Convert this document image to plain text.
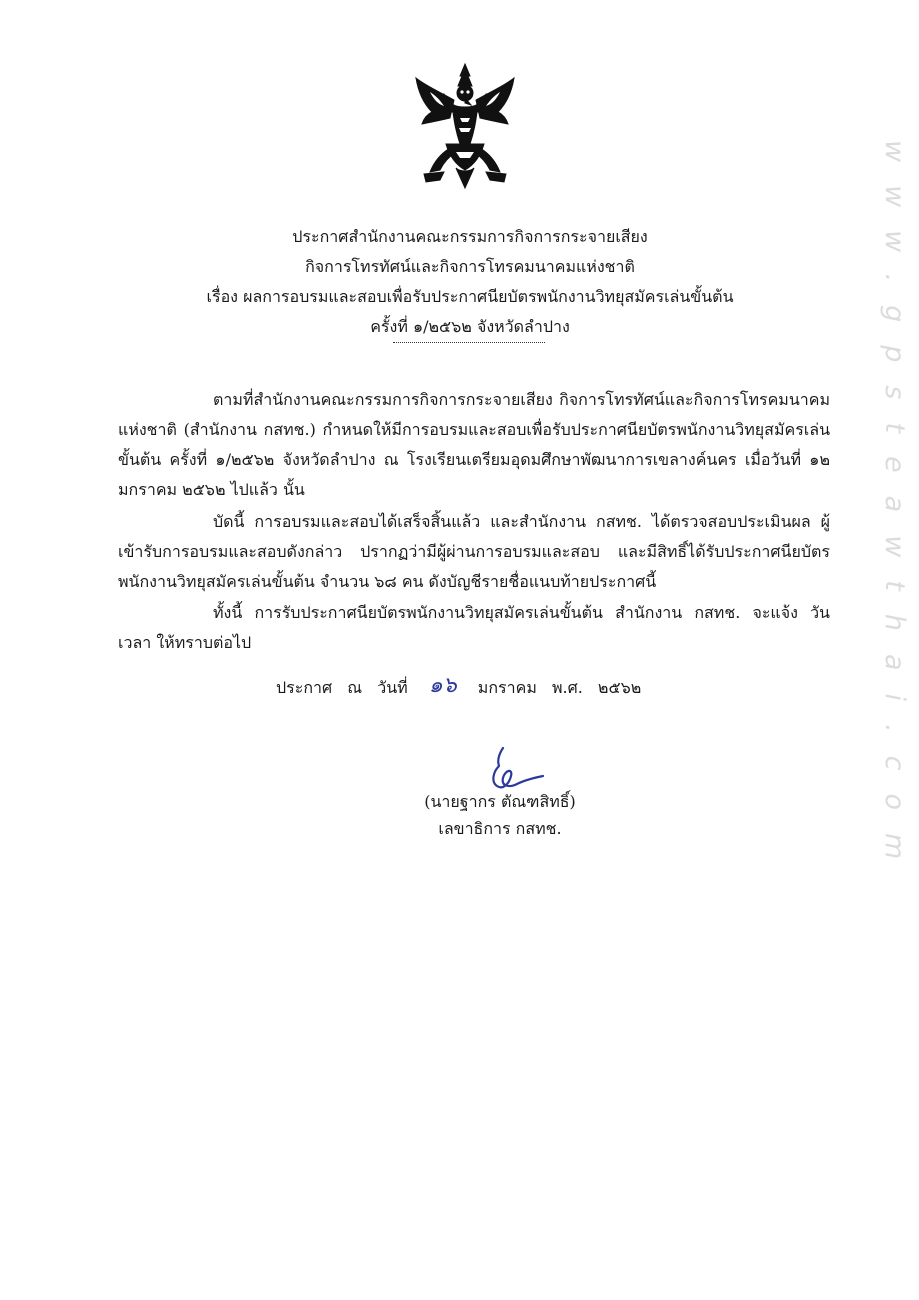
ประกาศสำนักงานคณะกรรมการกิจการกระจายเสียง
กิจการโทรทัศน์และกิจการโทรคมนาคมแห่งชาติ
เรื่อง ผลการอบรมและสอบเพื่อรับประกาศนียบัตรพนักงานวิทยุสมัครเล่นขั้นต้น
ครั้งที่ ๑/๒๕๖๒ จังหวัดลำปาง
ตามที่สำนักงานคณะกรรมการกิจการกระจายเสียง กิจการโทรทัศน์และกิจการโทรคมนาคมแห่งชาติ (สำนักงาน กสทช.) กำหนดให้มีการอบรมและสอบเพื่อรับประกาศนียบัตรพนักงานวิทยุสมัครเล่นขั้นต้น ครั้งที่ ๑/๒๕๖๒ จังหวัดลำปาง ณ โรงเรียนเตรียมอุดมศึกษาพัฒนาการเขลางค์นคร เมื่อวันที่ ๑๒ มกราคม ๒๕๖๒ ไปแล้ว นั้น
บัดนี้ การอบรมและสอบได้เสร็จสิ้นแล้ว และสำนักงาน กสทช. ได้ตรวจสอบประเมินผล ผู้เข้ารับการอบรมและสอบดังกล่าว ปรากฏว่ามีผู้ผ่านการอบรมและสอบ และมีสิทธิ์ได้รับประกาศนียบัตรพนักงานวิทยุสมัครเล่นขั้นต้น จำนวน ๖๘ คน ดังบัญชีรายชื่อแนบท้ายประกาศนี้
ทั้งนี้ การรับประกาศนียบัตรพนักงานวิทยุสมัครเล่นขั้นต้น สำนักงาน กสทช. จะแจ้ง วัน เวลา ให้ทราบต่อไป
ประกาศ ณ วันที่ ๑๖ มกราคม พ.ศ. ๒๕๖๒
(นายฐากร ตัณฑสิทธิ์)
เลขาธิการ กสทช.	www.gpsteawthai.com
